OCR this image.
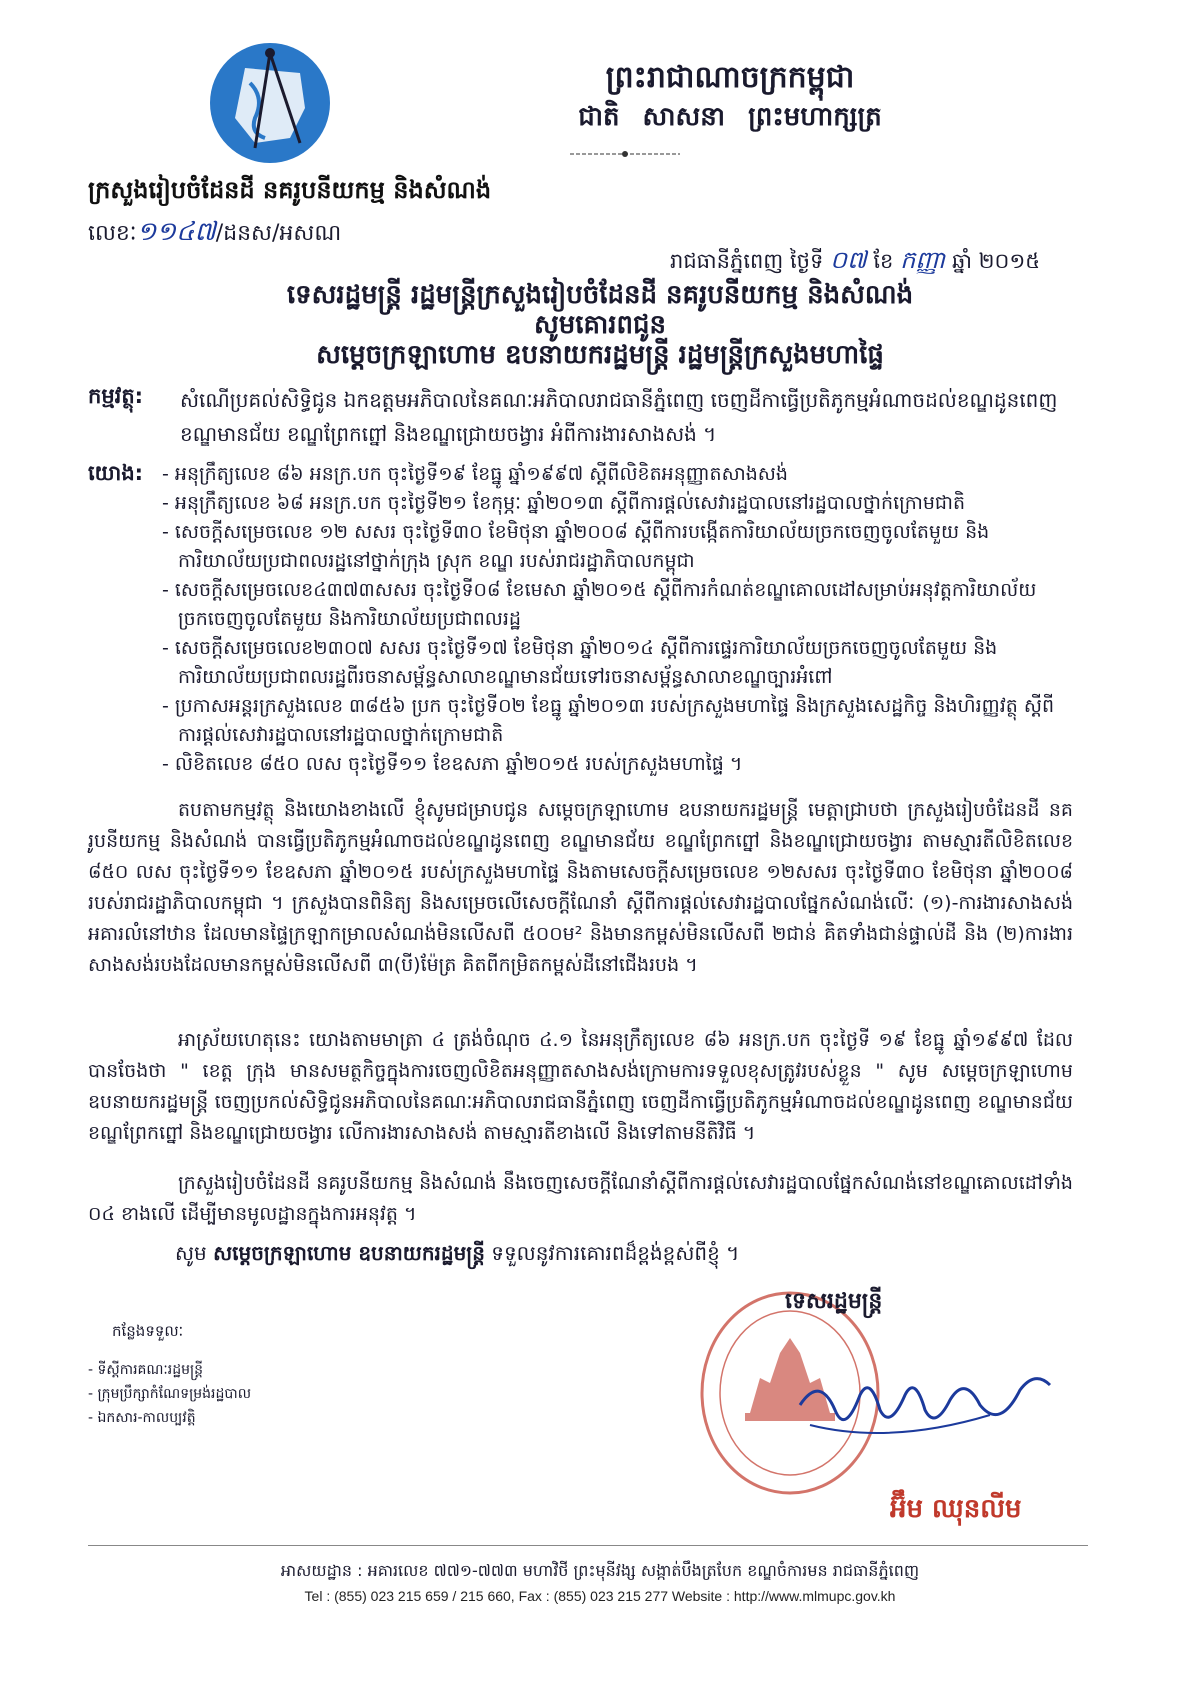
ព្រះរាជាណាចក្រកម្ពុជា
ជាតិ សាសនា ព្រះមហាក្សត្រ
ក្រសួងរៀបចំដែនដី នគរូបនីយកម្ម និងសំណង់
លេខៈ១១៤៧/ដនស/អសណ
រាជធានីភ្នំពេញ ថ្ងៃទី ០៧ ខែ កញ្ញា ឆ្នាំ ២០១៥
ទេសរដ្ឋមន្ត្រី រដ្ឋមន្ត្រីក្រសួងរៀបចំដែនដី នគរូបនីយកម្ម និងសំណង់
សូមគោរពជូន
សម្តេចក្រឡាហោម ឧបនាយករដ្ឋមន្ត្រី រដ្ឋមន្ត្រីក្រសួងមហាផ្ទៃ
កម្មវត្ថុ: សំណើប្រគល់សិទ្ធិជូន ឯកឧត្តមអភិបាលនៃគណៈអភិបាលរាជធានីភ្នំពេញ ចេញដីកាធ្វើប្រតិភូកម្មអំណាចដល់ខណ្ឌដូនពេញ ខណ្ឌមានជ័យ ខណ្ឌព្រែកព្នៅ និងខណ្ឌជ្រោយចង្វារ អំពីការងារសាងសង់ ។
យោង:
-	អនុក្រឹត្យលេខ ៨៦ អនក្រ.បក ចុះថ្ងៃទី១៩ ខែធ្នូ ឆ្នាំ១៩៩៧ ស្តីពីលិខិតអនុញ្ញាតសាងសង់
- អនុក្រឹត្យលេខ ៦៨ អនក្រ.បក ចុះថ្ងៃទី២១ ខែកុម្ភៈ ឆ្នាំ២០១៣ ស្តីពីការផ្តល់សេវារដ្ឋបាលនៅរដ្ឋបាលថ្នាក់ក្រោមជាតិ
- សេចក្តីសម្រេចលេខ ១២ សសរ ចុះថ្ងៃទី៣០ ខែមិថុនា ឆ្នាំ២០០៨ ស្តីពីការបង្កើតការិយាល័យច្រកចេញចូលតែមួយ និងការិយាល័យប្រជាពលរដ្ឋនៅថ្នាក់ក្រុង ស្រុក ខណ្ឌ របស់រាជរដ្ឋាភិបាលកម្ពុជា
- សេចក្តីសម្រេចលេខ៤៣៧៣សសរ ចុះថ្ងៃទី០៨ ខែមេសា ឆ្នាំ២០១៥ ស្តីពីការកំណត់ខណ្ឌគោលដៅសម្រាប់អនុវត្តការិយាល័យច្រកចេញចូលតែមួយ និងការិយាល័យប្រជាពលរដ្ឋ
- សេចក្តីសម្រេចលេខ២៣០៧ សសរ ចុះថ្ងៃទី១៧ ខែមិថុនា ឆ្នាំ២០១៤ ស្តីពីការផ្ទេរការិយាល័យច្រកចេញចូលតែមួយ និងការិយាល័យប្រជាពលរដ្ឋពីរចនាសម្ព័ន្ធសាលាខណ្ឌមានជ័យទៅរចនាសម្ព័ន្ធសាលាខណ្ឌច្បារអំពៅ
- ប្រកាសអន្តរក្រសួងលេខ ៣៨៥៦ ប្រក ចុះថ្ងៃទី០២ ខែធ្នូ ឆ្នាំ២០១៣ របស់ក្រសួងមហាផ្ទៃ និងក្រសួងសេដ្ឋកិច្ច និងហិរញ្ញវត្ថុ ស្តីពីការផ្តល់សេវារដ្ឋបាលនៅរដ្ឋបាលថ្នាក់ក្រោមជាតិ
- លិខិតលេខ ៨៥០ លស ចុះថ្ងៃទី១១ ខែឧសភា ឆ្នាំ២០១៥ របស់ក្រសួងមហាផ្ទៃ ។

តបតាមកម្មវត្ថុ និងយោងខាងលើ ខ្ញុំសូមជម្រាបជូន សម្តេចក្រឡាហោម ឧបនាយករដ្ឋមន្ត្រី មេត្តាជ្រាបថា ក្រសួងរៀបចំដែនដី នគរូបនីយកម្ម និងសំណង់ បានធ្វើប្រតិភូកម្មអំណាចដល់ខណ្ឌដូនពេញ ខណ្ឌមានជ័យ ខណ្ឌព្រែកព្នៅ និងខណ្ឌជ្រោយចង្វារ តាមស្មារតីលិខិតលេខ ៨៥០ លស ចុះថ្ងៃទី១១ ខែឧសភា ឆ្នាំ២០១៥ របស់ក្រសួងមហាផ្ទៃ និងតាមសេចក្តីសម្រេចលេខ ១២សសរ ចុះថ្ងៃទី៣០ ខែមិថុនា ឆ្នាំ២០០៨ របស់រាជរដ្ឋាភិបាលកម្ពុជា ។ ក្រសួងបានពិនិត្យ និងសម្រេចលើសេចក្តីណែនាំ ស្តីពីការផ្តល់សេវារដ្ឋបាលផ្នែកសំណង់លើៈ (១)-ការងារសាងសង់ អគារលំនៅឋាន ដែលមានផ្ទៃក្រឡាកម្រាលសំណង់មិនលើសពី ៥០០ម² និងមានកម្ពស់មិនលើសពី ២ជាន់ គិតទាំងជាន់ផ្ទាល់ដី និង (២)ការងារ សាងសង់របងដែលមានកម្ពស់មិនលើសពី ៣(បី)ម៉ែត្រ គិតពីកម្រិតកម្ពស់ដីនៅជើងរបង ។

អាស្រ័យហេតុនេះ យោងតាមមាត្រា ៤ ត្រង់ចំណុច ៤.១ នៃអនុក្រឹត្យលេខ ៨៦ អនក្រ.បក ចុះថ្ងៃទី ១៩ ខែធ្នូ ឆ្នាំ១៩៩៧ ដែលបានចែងថា " ខេត្ត ក្រុង មានសមត្ថកិច្ចក្នុងការចេញលិខិតអនុញ្ញាតសាងសង់ក្រោមការទទួលខុសត្រូវរបស់ខ្លួន " សូម សម្តេចក្រឡាហោម ឧបនាយករដ្ឋមន្ត្រី ចេញប្រកល់សិទ្ធិជូនអភិបាលនៃគណៈអភិបាលរាជធានីភ្នំពេញ ចេញដីកាធ្វើប្រតិភូកម្មអំណាចដល់ខណ្ឌដូនពេញ ខណ្ឌមានជ័យ ខណ្ឌព្រែកព្នៅ និងខណ្ឌជ្រោយចង្វារ លើការងារសាងសង់ តាមស្មារតីខាងលើ និងទៅតាមនីតិវិធី ។

ក្រសួងរៀបចំដែនដី នគរូបនីយកម្ម និងសំណង់ នឹងចេញសេចក្តីណែនាំស្តីពីការផ្តល់សេវារដ្ឋបាលផ្នែកសំណង់នៅខណ្ឌគោលដៅទាំង ០៤ ខាងលើ ដើម្បីមានមូលដ្ឋានក្នុងការអនុវត្ត ។

សូម សម្តេចក្រឡាហោម ឧបនាយករដ្ឋមន្ត្រី ទទួលនូវការគោរពដ៏ខ្ពង់ខ្ពស់ពីខ្ញុំ ។
ទេសរដ្ឋមន្ត្រី
អ៊ឹម ឈុនលីម
កន្លែងទទួលៈ
- ទីស្តីការគណៈរដ្ឋមន្ត្រី
- ក្រុមប្រឹក្សាកំណែទម្រង់រដ្ឋបាល
- ឯកសារ-កាលប្បវត្តិ
អាសយដ្ឋាន : អគារលេខ ៧៧១-៧៧៣ មហាវិថី ព្រះមុនីវង្ស សង្កាត់បឹងត្របែក ខណ្ឌចំការមន រាជធានីភ្នំពេញ
Tel : (855) 023 215 659 / 215 660, Fax : (855) 023 215 277 Website : http://www.mlmupc.gov.kh
